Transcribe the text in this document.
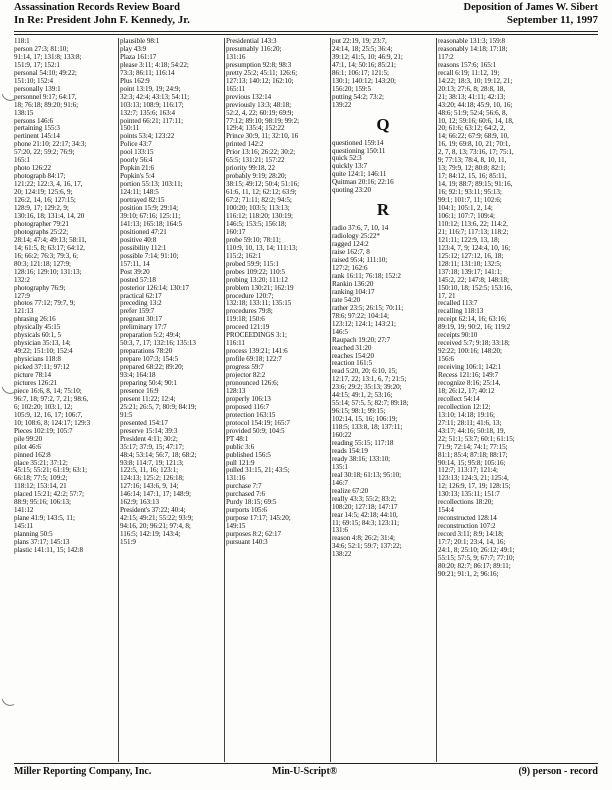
Assassination Records Review Board	Deposition of James W. Sibert
In Re: President John F. Kennedy, Jr.	September 11, 1997
118:1
person 27:3; 81:10;
91:14, 17; 131:8; 133:8;
151:9, 17; 152:1
personal 54:10; 49:22;
151:10; 152:4
personally 139:1
personnel 9:17; 64:17,
18; 76:18; 89:20; 91:6;
138:15
persons 146:6
pertaining 155:3
pertinent 145:14
phone 21:10; 22:17; 34:3;
57:20, 22; 59:2; 76:9;
165:1
photo 126:22
photograph 84:17;
121:22; 122:3, 4, 16, 17,
20; 124:19; 125:6, 9;
126:2, 14, 16; 127:15;
128:9, 17; 129:2, 9;
130:16, 18; 131:4, 14, 20
photographer 79:21
photographs 25:22;
28:14; 47:4; 49:13; 58:11,
14; 61:5, 8; 63:17; 64:12,
16; 66:2; 76:3; 79:3, 6;
80:3; 121:18; 127:9;
128:16; 129:10; 131:13;
132:2
photography 76:9;
127:9
photos 77:12; 79:7, 9;
121:13
phrasing 26:16
physically 45:15
physicals 60:1, 5
physician 35:13, 14;
49:22; 151:10; 152:4
physicians 118:8
picked 37:11; 97:12
picture 78:14
pictures 126:21
piece 16:6, 8, 14; 75:10;
96:7, 18; 97:2, 7, 21; 98:6,
6; 102:20; 103:1, 12;
105:9, 12, 16, 17; 106:7,
10; 108:6, 8; 124:17; 129:3
Pieces 102:19; 105:7
pile 99:20
pilot 46:6
pinned 162:8
place 35:21; 37:12;
45:15; 55:21; 61:19; 63:1;
66:18; 77:5; 109:2;
118:12; 153:14, 21
placed 15:21; 42:2; 57:7;
88:9; 95:16; 106:13;
141:12
plane 41:9; 143:5, 11;
145:11
planning 50:5
plans 37:17; 145:13
plastic 141:11, 15; 142:8
plausible 98:1
play 43:9
Plaza 161:17
please 3:11; 4:18; 54:22;
73:3; 86:11; 116:14
Plus 162:9
point 13:19, 19; 24:9;
32:3; 42:4; 43:13; 54:11;
103:13; 108:9; 116:17;
132:7; 135:6; 163:4
pointed 66:21; 117:11;
150:11
points 53:4; 123:22
Police 43:7
pool 133:15
poorly 56:4
Popkin 21:6
Popkin's 5:4
portion 55:13; 103:11;
124:11; 148:5
portrayed 82:15
position 15:9; 29:14;
39:10; 67:16; 125:11;
141:13; 165:18; 164:5
positioned 47:21
positive 40:8
possibility 112:1
possible 7:14; 91:10;
157:11, 14
Post 39:20
posted 57:18
posterior 126:14; 130:17
practical 62:17
preceding 13:2
prefer 159:7
pregnant 30:17
preliminary 17:7
preparation 5:2; 49:4;
50:3, 7, 17; 132:16; 135:13
preparations 78:20
prepare 107:3; 154:5
prepared 68:22; 89:20;
93:4; 164:18
preparing 50:4; 90:1
presence 16:9
present 11:22; 12:4;
25:21; 26:5, 7; 80:9; 84:19;
91:5
presented 154:17
preserve 15:14; 39:3
President 4:11; 30:2;
35:17; 37:9, 15; 47:17;
48:4; 53:14; 56:7, 18; 68:2;
93:8; 114:7, 19; 121:3;
122:5, 11, 16; 123:1;
124:13; 125:2; 126:18;
127:16; 143:6, 9, 14;
146:14; 147:1, 17; 148:9;
162:9; 163:13
President's 37:22; 40:4;
42:15; 49:21; 55:22; 93:9;
94:16, 20; 96:21; 97:4, 8;
116:5; 142:19; 143:4;
151:9
Presidential 143:3
presumably 116:20;
131:16
presumption 92:8; 98:3
pretty 25:2; 45:11; 126:6;
127:13; 140:12; 162:10;
165:11
previous 132:14
previously 13:3; 48:18;
52:2, 4, 22; 60:19; 69:9;
77:12; 89:10; 98:19; 99:2;
129:4; 135:4; 152:22
Prince 30:9, 11; 32:10, 16
printed 142:2
Prior 13:16; 26:22; 30:2;
65:5; 131:21; 157:22
priority 99:18, 22
probably 9:19; 28:20;
38:15; 49:12; 50:4; 51:16;
61:6, 11, 12; 62:12; 63:9;
67:2; 71:11; 82:2; 94:5;
100:20; 103:5; 113:13;
116:12; 118:20; 130:19;
146:5; 153:5; 156:18;
160:17
probe 59:10; 78:11;
110:9, 10, 13, 14; 111:13;
115:2; 162:1
probed 59:9; 115:1
probes 109:22; 110:5
probing 13:20; 111:12
problem 130:21; 162:19
procedure 120:7;
132:18; 133:11; 135:15
procedures 79:8;
119:18; 150:6
proceed 121:19
PROCEEDINGS 3:1;
116:11
process 139:21; 141:6
profile 69:18; 122:7
progress 59:7
projector 82:2
pronounced 126:6;
128:13
properly 106:13
proposed 116:7
protection 163:15
protocol 154:19; 165:7
provided 50:9; 104:5
PT 48:1
public 3:6
published 156:5
pull 121:9
pulled 31:15, 21; 43:5;
131:16
purchase 7:7
purchased 7:6
Purdy 18:15; 69:5
purports 105:6
purpose 17:17; 145:20;
149:15
purposes 8:2; 62:17
pursuant 140:3
put 22:19, 19; 23:7,
24:14, 18; 25:5; 36:4;
39:12; 41:5, 10; 46:9, 21;
47:1, 14; 50:16; 85:21;
86:1; 106:17; 121:5;
130:1; 140:12; 143:20;
156:20; 159:5
putting 54:2; 73:2;
139:22
Q
questioned 159:14
questioning 150:11
quick 52:3
quickly 13:7
quite 124:1; 146:11
Quitman 20:16; 22:16
quoting 23:20
R
radio 37:6, 7, 10, 14
radiology 25:22*
ragged 124:2
raise 162:7, 8
raised 95:4; 111:10;
127:2; 162:6
rank 16:11; 76:18; 152:2
Rankin 136:20
ranking 104:17
rate 54:20
rather 23:5; 26:15; 70:11;
78:6; 97:22; 104:14;
123:12; 124:1; 143:21;
146:5
Raupach 19:20; 27:7
reached 31:20
reaches 154:20
reaction 161:5
read 5:20, 20; 6:10, 15;
12:17, 22; 13:1, 6, 7; 21:5;
23:6; 29:2; 35:13; 39:20;
44:15; 49:1, 2; 53:16;
55:14; 57:5, 5; 82:7; 89:18;
96:15; 98:1; 99:15;
102:14, 15, 16; 106:19;
118:5; 133:8, 18; 137:11;
160:22
reading 55:15; 117:18
reads 154:19
ready 38:16; 133:10;
135:1
real 30:18; 61:13; 95:10;
146:7
realize 67:20
really 43:3; 55:2; 83:2;
108:20; 127:18; 147:17
rear 14:5; 42:18; 44:10,
11; 69:15; 84:3; 123:11;
131:6
reason 4:8; 26:2; 31:4;
34:6; 52:1; 59:7; 137:22;
138:22
reasonable 131:3; 159:8
reasonably 14:18; 17:18;
117:2
reasons 157:6; 165:1
recall 6:19; 11:12, 19;
14:22; 18:3, 10; 19:12, 21;
20:13; 27:6, 8; 28:8, 18,
21; 38:13; 41:11; 42:13;
43:20; 44:18; 45:9, 10, 16;
48:6; 51:9; 52:4; 56:6, 8,
10, 12; 59:16; 60:6, 14, 18,
20; 61:6; 63:12; 64:2, 2,
14; 66:22; 67:9; 68:9, 10,
16, 19; 69:8, 10, 21; 70:1,
2, 7, 8, 13; 73:16, 17; 75:1,
9; 77:13; 78:4, 8, 10, 11,
13; 79:9, 12; 80:8; 82:1;
17; 84:12, 15, 16; 85:11,
14, 19; 88:7; 89:15; 91:16,
16; 92:1; 93:11; 95:13;
99:1; 101:7, 11; 102:6;
104:1; 105:1, 2, 14;
106:1; 107:7; 109:4;
110:12; 113:6, 22; 114:2,
21; 116:7; 117:13; 118:2;
121:11; 122:9, 13, 18;
123:4, 7, 9; 124:4, 10, 16;
125:12; 127:12, 16, 18;
128:11; 131:10; 132:5;
137:18; 139:17; 141:1;
145:2, 22; 147:8; 148:18;
150:10, 18; 152:5; 153:16,
17, 21
recalled 113:7
recalling 118:13
receipt 62:14, 16; 63:16;
89:19, 19; 90:2, 16; 119:2
receipts 90:10
received 5:7; 9:18; 33:18;
92:22; 100:16; 148:20;
156:6
receiving 106:1; 142:1
Recess 121:16; 149:7
recognize 8:16; 25:14,
18; 26:12, 17; 40:12
recollect 54:14
recollection 12:12;
13:10; 14:18; 19:16;
27:11; 28:11; 41:6, 13;
43:17; 44:16; 50:18, 19,
22; 51:1; 53:7; 60:1; 61:15;
71:9; 72:14; 74:1; 77:15;
81:1; 85:4; 87:18; 88:17;
90:14, 15; 95:8; 105:16;
112:7; 113:17; 121:4;
123:13; 124:3, 21; 125:4,
12; 126:9, 17, 19; 128:15;
130:13; 135:11; 151:7
recollections 18:20;
154:4
reconstructed 128:14
reconstruction 107:2
record 3:11; 8:9; 14:18;
17:7; 20:1; 23:4, 14, 16;
24:1, 8; 25:10; 26:12; 49:1;
55:15; 57:5, 9; 67:7; 77:10;
80:20; 82:7; 86:17; 89:11;
90:21; 91:1, 2; 96:16;
Miller Reporting Company, Inc.	Min-U-Script®	(9) person - record
